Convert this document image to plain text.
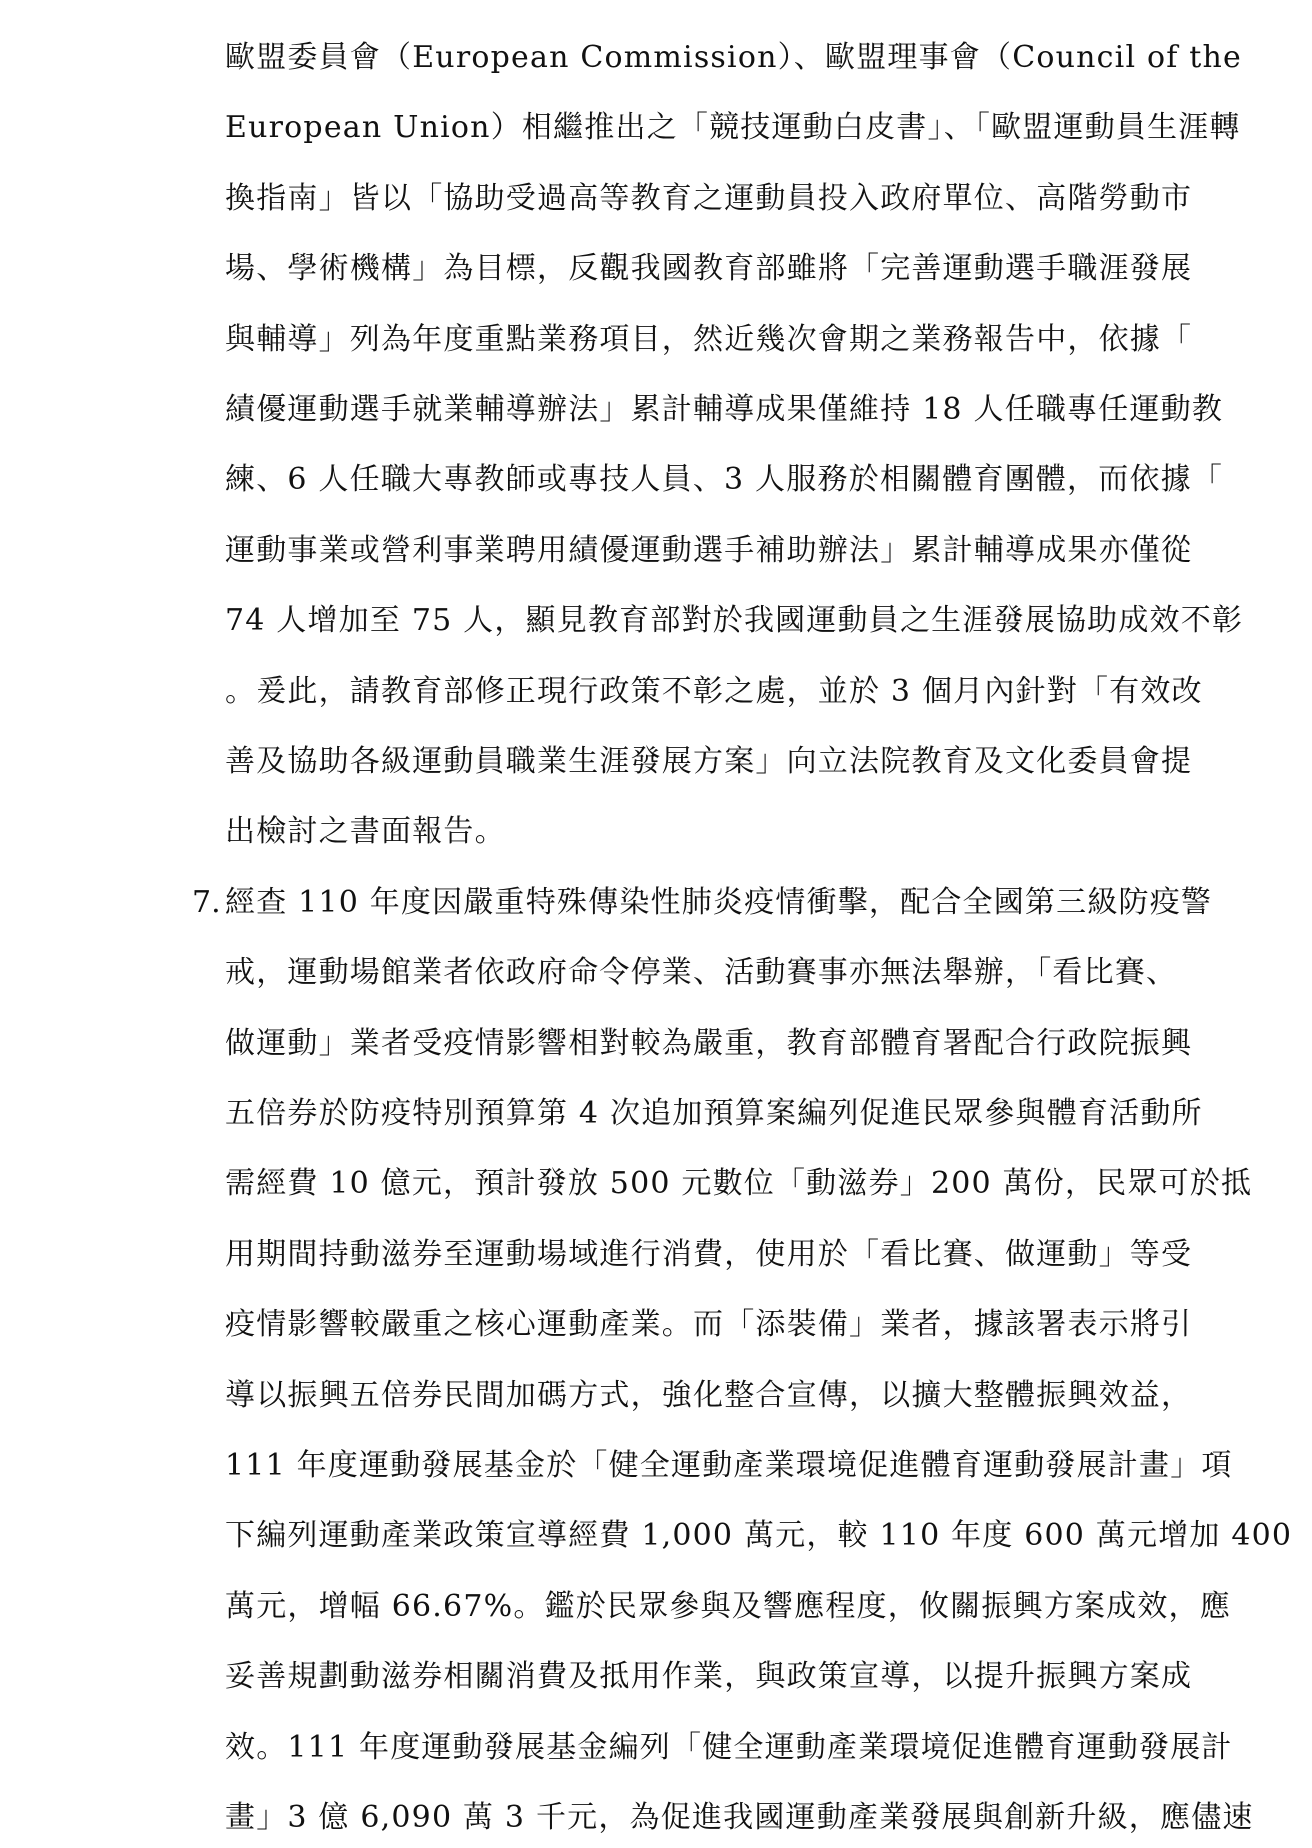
歐盟委員會（European Commission）、歐盟理事會（Council of the
European Union）相繼推出之「競技運動白皮書」、「歐盟運動員生涯轉
換指南」皆以「協助受過高等教育之運動員投入政府單位、高階勞動市
場、學術機構」為目標，反觀我國教育部雖將「完善運動選手職涯發展
與輔導」列為年度重點業務項目，然近幾次會期之業務報告中，依據「
績優運動選手就業輔導辦法」累計輔導成果僅維持 18 人任職專任運動教
練、6 人任職大專教師或專技人員、3 人服務於相關體育團體，而依據「
運動事業或營利事業聘用績優運動選手補助辦法」累計輔導成果亦僅從
74 人增加至 75 人，顯見教育部對於我國運動員之生涯發展協助成效不彰
。爰此，請教育部修正現行政策不彰之處，並於 3 個月內針對「有效改
善及協助各級運動員職業生涯發展方案」向立法院教育及文化委員會提
出檢討之書面報告。
7. 經查 110 年度因嚴重特殊傳染性肺炎疫情衝擊，配合全國第三級防疫警
戒，運動場館業者依政府命令停業、活動賽事亦無法舉辦，「看比賽、
做運動」業者受疫情影響相對較為嚴重，教育部體育署配合行政院振興
五倍券於防疫特別預算第 4 次追加預算案編列促進民眾參與體育活動所
需經費 10 億元，預計發放 500 元數位「動滋券」200 萬份，民眾可於抵
用期間持動滋券至運動場域進行消費，使用於「看比賽、做運動」等受
疫情影響較嚴重之核心運動產業。而「添裝備」業者，據該署表示將引
導以振興五倍券民間加碼方式，強化整合宣傳，以擴大整體振興效益，
111 年度運動發展基金於「健全運動產業環境促進體育運動發展計畫」項
下編列運動產業政策宣導經費 1,000 萬元，較 110 年度 600 萬元增加 400
萬元，增幅 66.67%。鑑於民眾參與及響應程度，攸關振興方案成效，應
妥善規劃動滋券相關消費及抵用作業，與政策宣導，以提升振興方案成
效。111 年度運動發展基金編列「健全運動產業環境促進體育運動發展計
畫」3 億 6,090 萬 3 千元，為促進我國運動產業發展與創新升級，應儘速
